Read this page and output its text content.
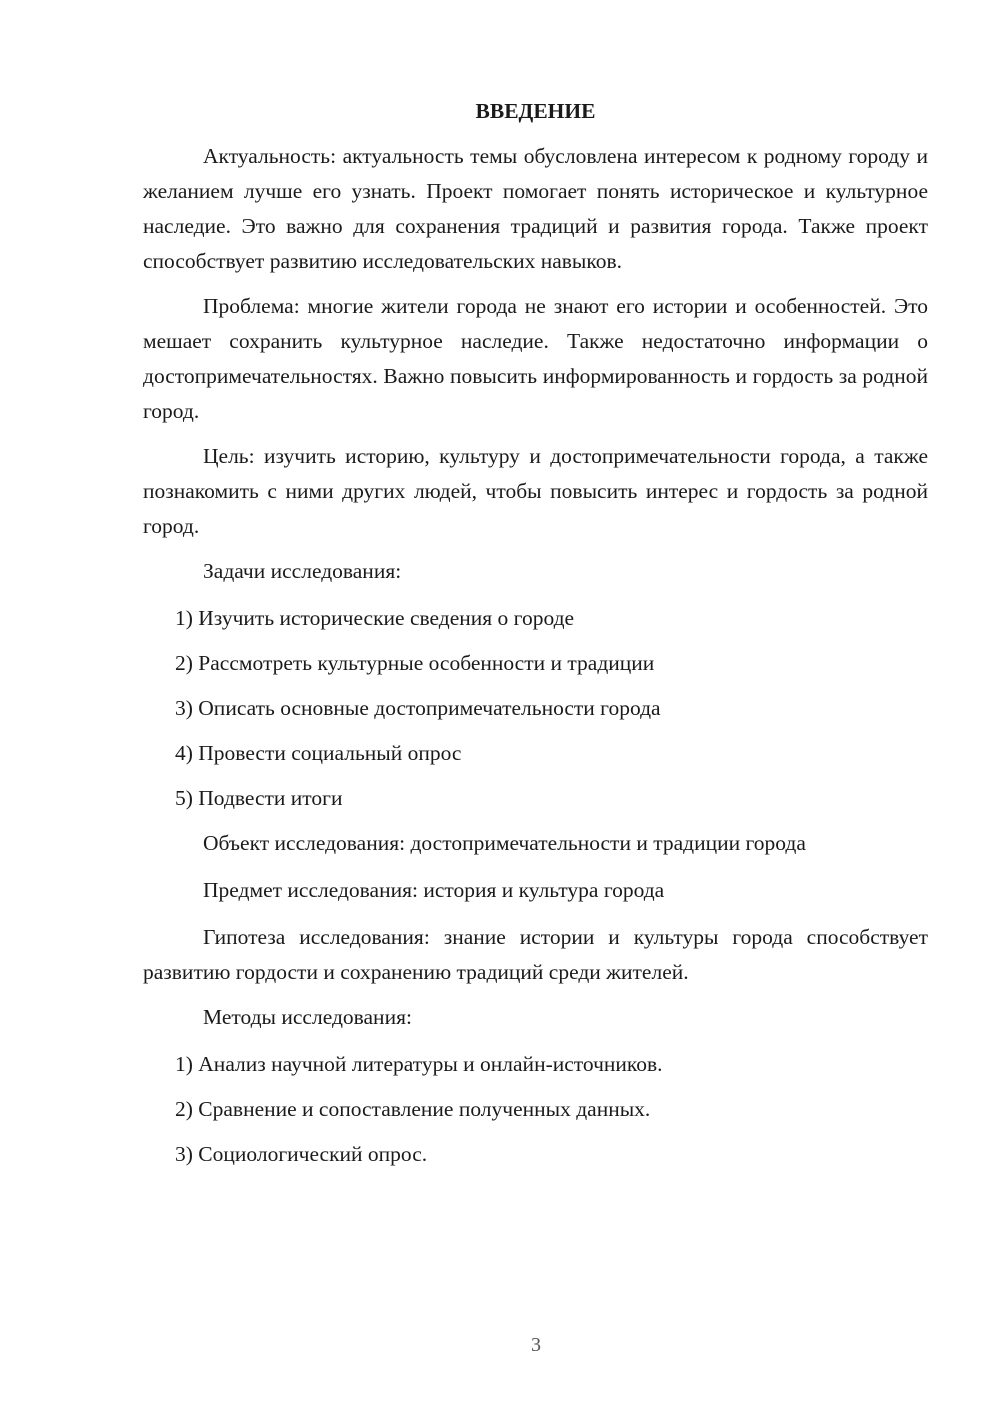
ВВЕДЕНИЕ

Актуальность: актуальность темы обусловлена интересом к родному городу и желанием лучше его узнать. Проект помогает понять историческое и культурное наследие. Это важно для сохранения традиций и развития города. Также проект способствует развитию исследовательских навыков.

Проблема: многие жители города не знают его истории и особенностей. Это мешает сохранить культурное наследие. Также недостаточно информации о достопримечательностях. Важно повысить информированность и гордость за родной город.

Цель: изучить историю, культуру и достопримечательности города, а также познакомить с ними других людей, чтобы повысить интерес и гордость за родной город.

Задачи исследования:

1) Изучить исторические сведения о городе

2) Рассмотреть культурные особенности и традиции

3) Описать основные достопримечательности города

4) Провести социальный опрос

5) Подвести итоги

Объект исследования: достопримечательности и традиции города

Предмет исследования: история и культура города

Гипотеза исследования: знание истории и культуры города способствует развитию гордости и сохранению традиций среди жителей.

Методы исследования:

1) Анализ научной литературы и онлайн-источников.

2) Сравнение и сопоставление полученных данных.

3) Социологический опрос.

3
